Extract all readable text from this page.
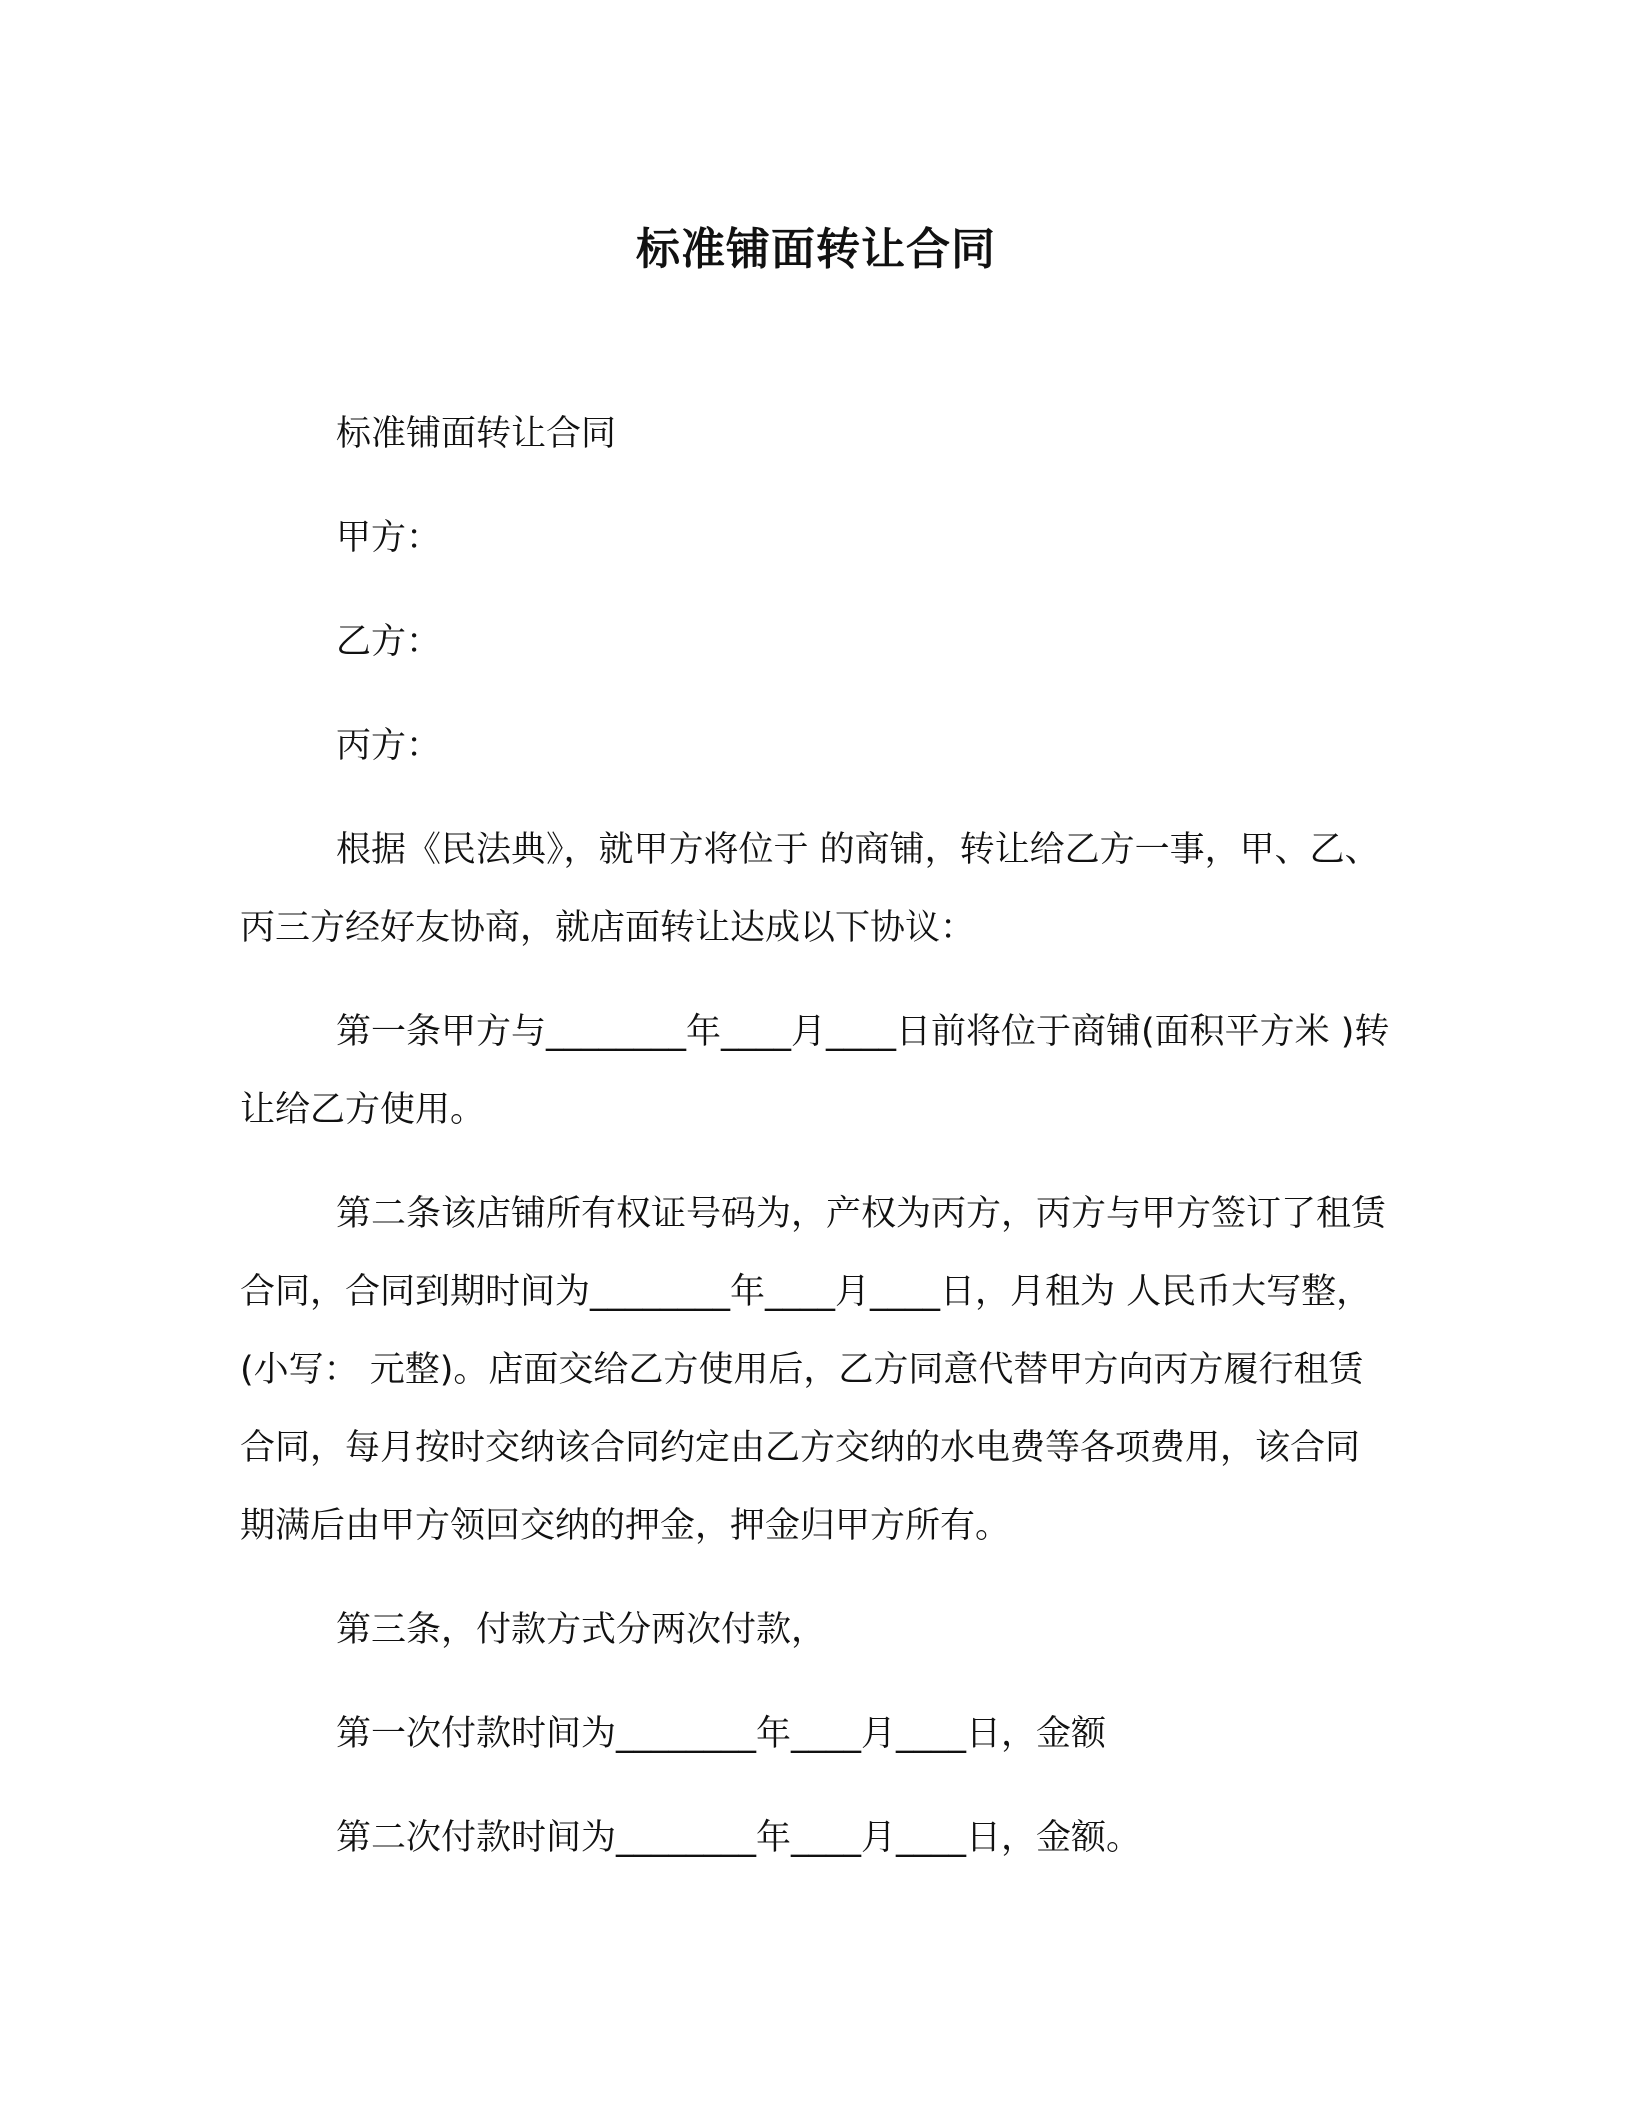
标准铺面转让合同

标准铺面转让合同

甲方：

乙方：

丙方：

根据《民法典》，就甲方将位于 的商铺，转让给乙方一事，甲、乙、丙三方经好友协商，就店面转让达成以下协议：

第一条甲方与________年____月____日前将位于商铺(面积平方米 )转让给乙方使用。

第二条该店铺所有权证号码为，产权为丙方，丙方与甲方签订了租赁合同，合同到期时间为________年____月____日，月租为 人民币大写整，(小写： 元整)。店面交给乙方使用后，乙方同意代替甲方向丙方履行租赁合同，每月按时交纳该合同约定由乙方交纳的水电费等各项费用，该合同期满后由甲方领回交纳的押金，押金归甲方所有。

第三条，付款方式分两次付款，

第一次付款时间为________年____月____日，金额

第二次付款时间为________年____月____日，金额。
